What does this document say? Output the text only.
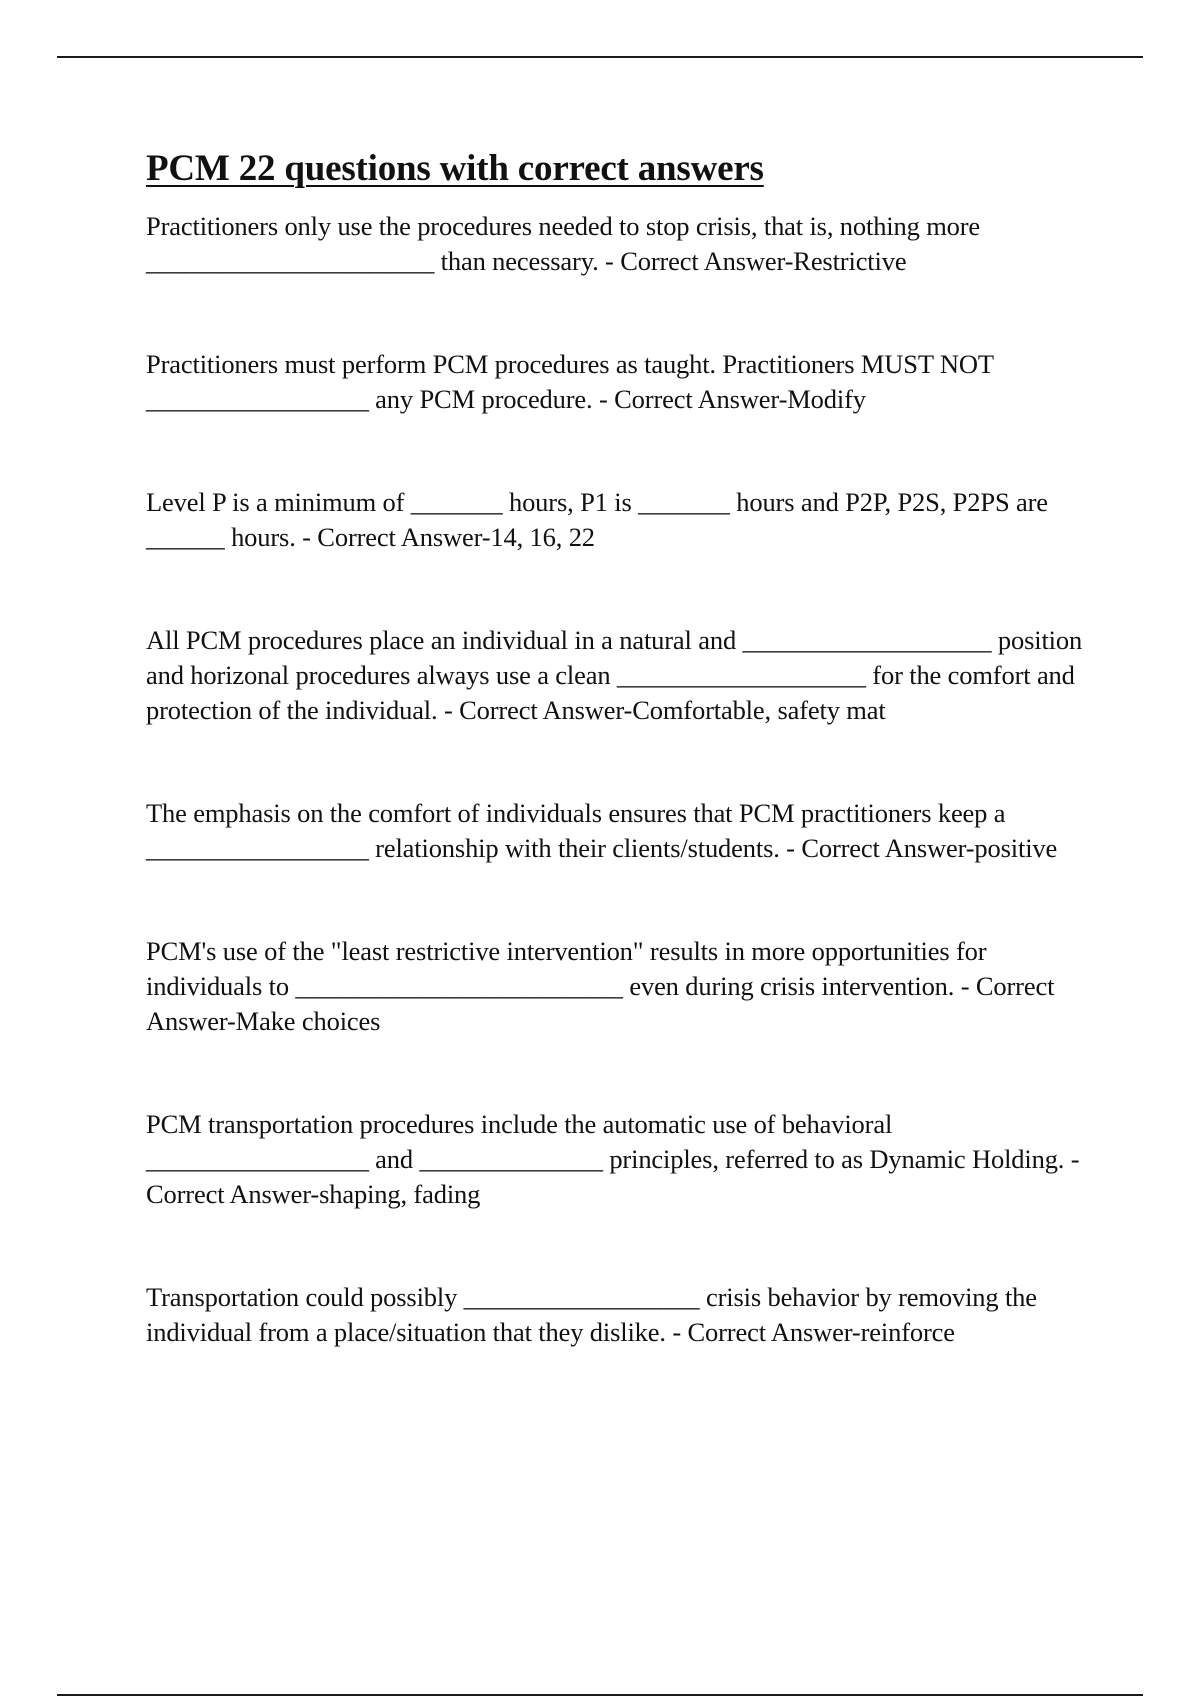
PCM 22 questions with correct answers
Practitioners only use the procedures needed to stop crisis, that is, nothing more ______________________ than necessary. - Correct Answer-Restrictive
Practitioners must perform PCM procedures as taught. Practitioners MUST NOT _________________ any PCM procedure. - Correct Answer-Modify
Level P is a minimum of _______ hours, P1 is _______ hours and P2P, P2S, P2PS are ______ hours. - Correct Answer-14, 16, 22
All PCM procedures place an individual in a natural and ___________________ position and horizonal procedures always use a clean ___________________ for the comfort and protection of the individual. - Correct Answer-Comfortable, safety mat
The emphasis on the comfort of individuals ensures that PCM practitioners keep a _________________ relationship with their clients/students. - Correct Answer-positive
PCM's use of the "least restrictive intervention" results in more opportunities for individuals to _________________________ even during crisis intervention. - Correct Answer-Make choices
PCM transportation procedures include the automatic use of behavioral _________________ and ______________ principles, referred to as Dynamic Holding. - Correct Answer-shaping, fading
Transportation could possibly __________________ crisis behavior by removing the individual from a place/situation that they dislike. - Correct Answer-reinforce
